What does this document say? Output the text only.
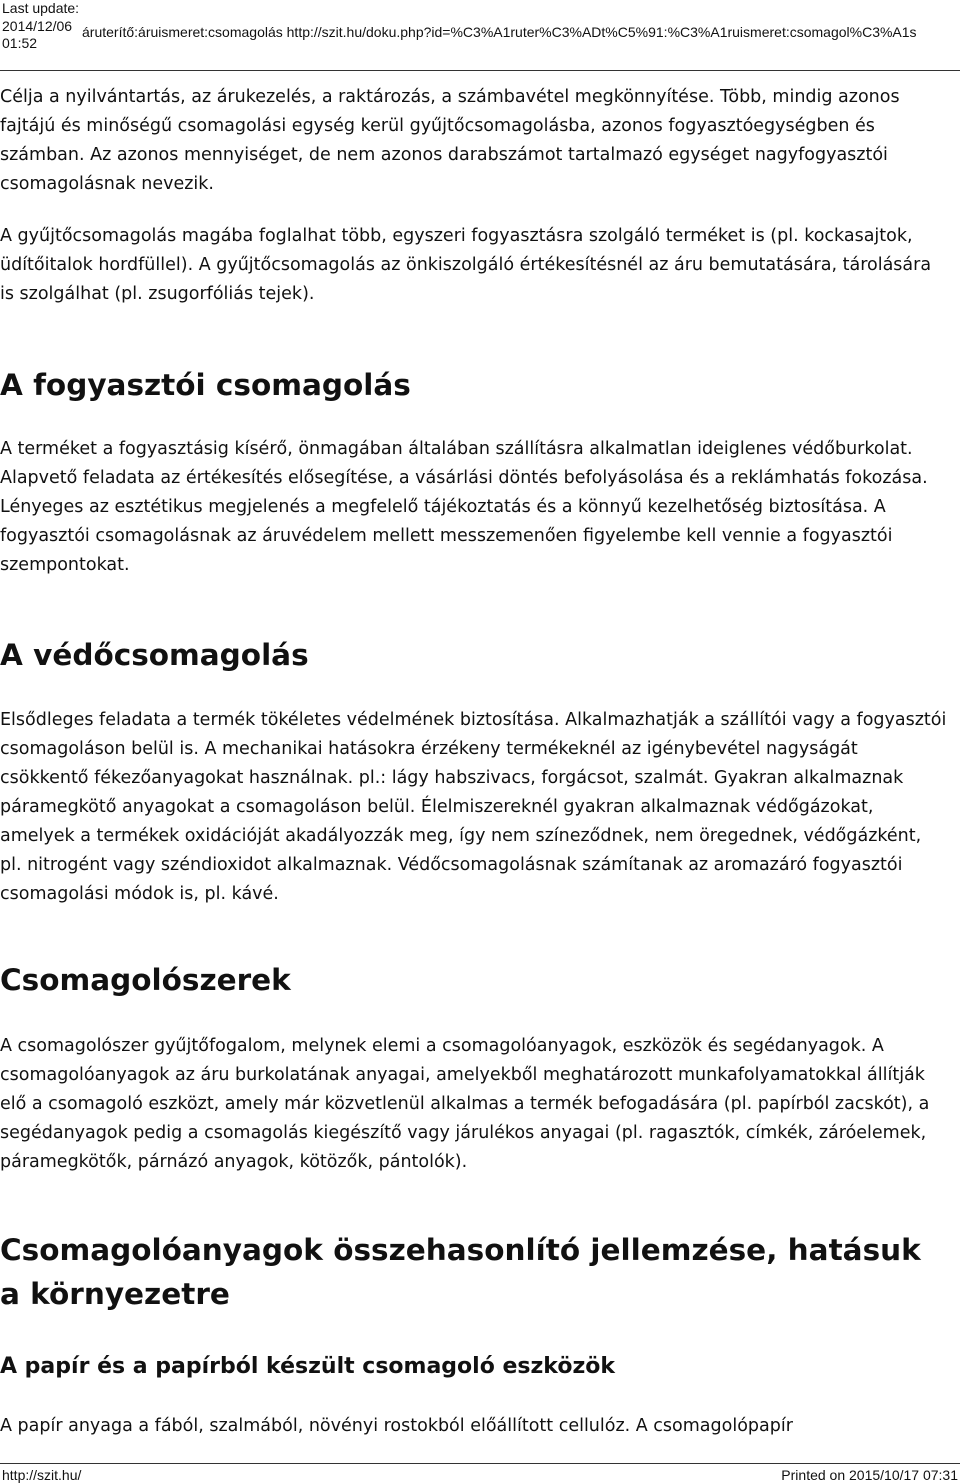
Last update:
2014/12/06
01:52
áruterítő:áruismeret:csomagolás http://szit.hu/doku.php?id=%C3%A1ruter%C3%ADt%C5%91:%C3%A1ruismeret:csomagol%C3%A1s

Célja a nyilvántartás, az árukezelés, a raktározás, a számbavétel megkönnyítése. Több, mindig azonos fajtájú és minőségű csomagolási egység kerül gyűjtőcsomagolásba, azonos fogyasztóegységben és számban. Az azonos mennyiséget, de nem azonos darabszámot tartalmazó egységet nagyfogyasztói csomagolásnak nevezik.

A gyűjtőcsomagolás magába foglalhat több, egyszeri fogyasztásra szolgáló terméket is (pl. kockasajtok, üdítőitalok hordfüllel). A gyűjtőcsomagolás az önkiszolgáló értékesítésnél az áru bemutatására, tárolására is szolgálhat (pl. zsugorfóliás tejek).

A fogyasztói csomagolás

A terméket a fogyasztásig kísérő, önmagában általában szállításra alkalmatlan ideiglenes védőburkolat. Alapvető feladata az értékesítés elősegítése, a vásárlási döntés befolyásolása és a reklámhatás fokozása. Lényeges az esztétikus megjelenés a megfelelő tájékoztatás és a könnyű kezelhetőség biztosítása. A fogyasztói csomagolásnak az áruvédelem mellett messzemenően figyelembe kell vennie a fogyasztói szempontokat.

A védőcsomagolás

Elsődleges feladata a termék tökéletes védelmének biztosítása. Alkalmazhatják a szállítói vagy a fogyasztói csomagoláson belül is. A mechanikai hatásokra érzékeny termékeknél az igénybevétel nagyságát csökkentő fékezőanyagokat használnak. pl.: lágy habszivacs, forgácsot, szalmát. Gyakran alkalmaznak páramegkötő anyagokat a csomagoláson belül. Élelmiszereknél gyakran alkalmaznak védőgázokat, amelyek a termékek oxidációját akadályozzák meg, így nem színeződnek, nem öregednek, védőgázként, pl. nitrogént vagy széndioxidot alkalmaznak. Védőcsomagolásnak számítanak az aromazáró fogyasztói csomagolási módok is, pl. kávé.

Csomagolószerek

A csomagolószer gyűjtőfogalom, melynek elemi a csomagolóanyagok, eszközök és segédanyagok. A csomagolóanyagok az áru burkolatának anyagai, amelyekből meghatározott munkafolyamatokkal állítják elő a csomagoló eszközt, amely már közvetlenül alkalmas a termék befogadására (pl. papírból zacskót), a segédanyagok pedig a csomagolás kiegészítő vagy járulékos anyagai (pl. ragasztók, címkék, záróelemek, páramegkötők, párnázó anyagok, kötözők, pántolók).

Csomagolóanyagok összehasonlító jellemzése, hatásuk a környezetre
A papír és a papírból készült csomagoló eszközök

A papír anyaga a fából, szalmából, növényi rostokból előállított cellulóz. A csomagolópapír

http://szit.hu/	Printed on 2015/10/17 07:31
